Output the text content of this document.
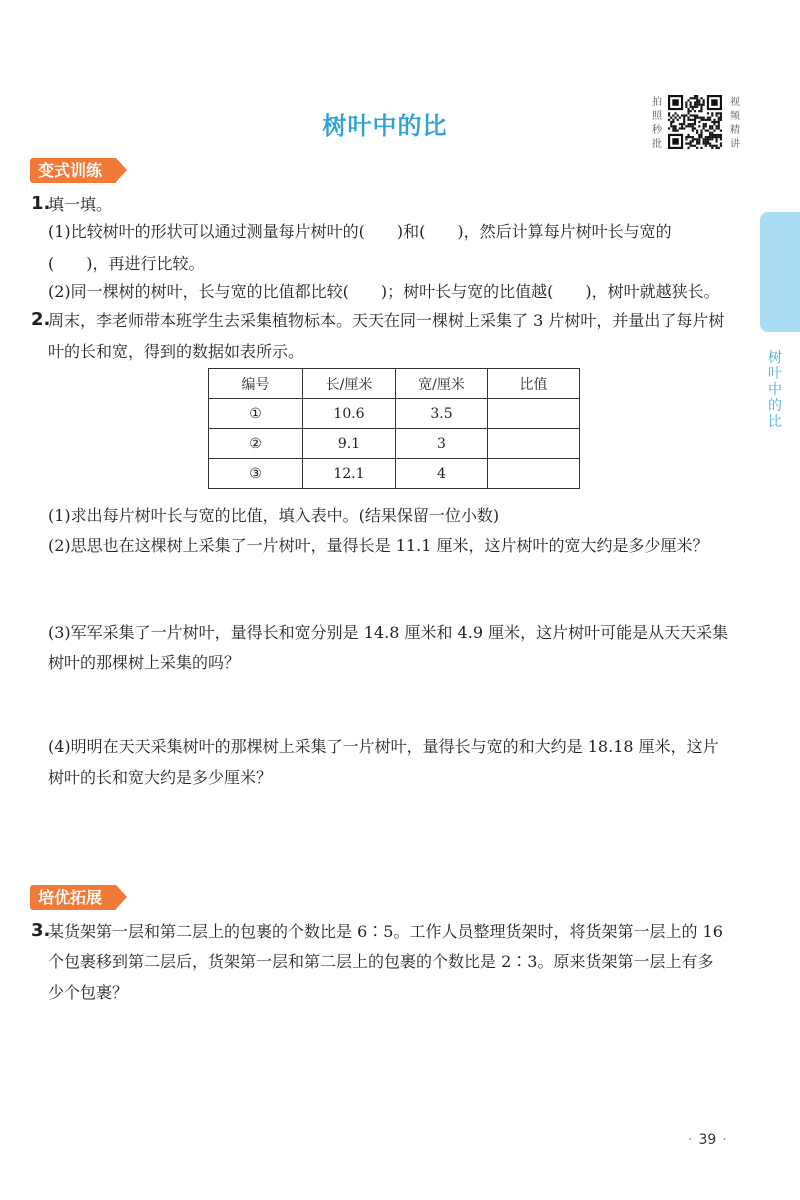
树叶中的比
拍照秒批
视频精讲
树叶中的比
变式训练
1.
填一填。
(1)比较树叶的形状可以通过测量每片树叶的(　　)和(　　)，然后计算每片树叶长与宽的
(　　)，再进行比较。
(2)同一棵树的树叶，长与宽的比值都比较(　　)；树叶长与宽的比值越(　　)，树叶就越狭长。
2.
周末，李老师带本班学生去采集植物标本。天天在同一棵树上采集了 3 片树叶，并量出了每片树
叶的长和宽，得到的数据如表所示。
编号	长/厘米	宽/厘米	比值
①	10.6	3.5	
②	9.1	3	
③	12.1	4	
(1)求出每片树叶长与宽的比值，填入表中。(结果保留一位小数)
(2)思思也在这棵树上采集了一片树叶，量得长是 11.1 厘米，这片树叶的宽大约是多少厘米？
(3)军军采集了一片树叶，量得长和宽分别是 14.8 厘米和 4.9 厘米，这片树叶可能是从天天采集
树叶的那棵树上采集的吗？
(4)明明在天天采集树叶的那棵树上采集了一片树叶，量得长与宽的和大约是 18.18 厘米，这片
树叶的长和宽大约是多少厘米？
培优拓展
3.
某货架第一层和第二层上的包裹的个数比是 6∶5。工作人员整理货架时，将货架第一层上的 16
个包裹移到第二层后，货架第一层和第二层上的包裹的个数比是 2∶3。原来货架第一层上有多
少个包裹？
· 39 ·
